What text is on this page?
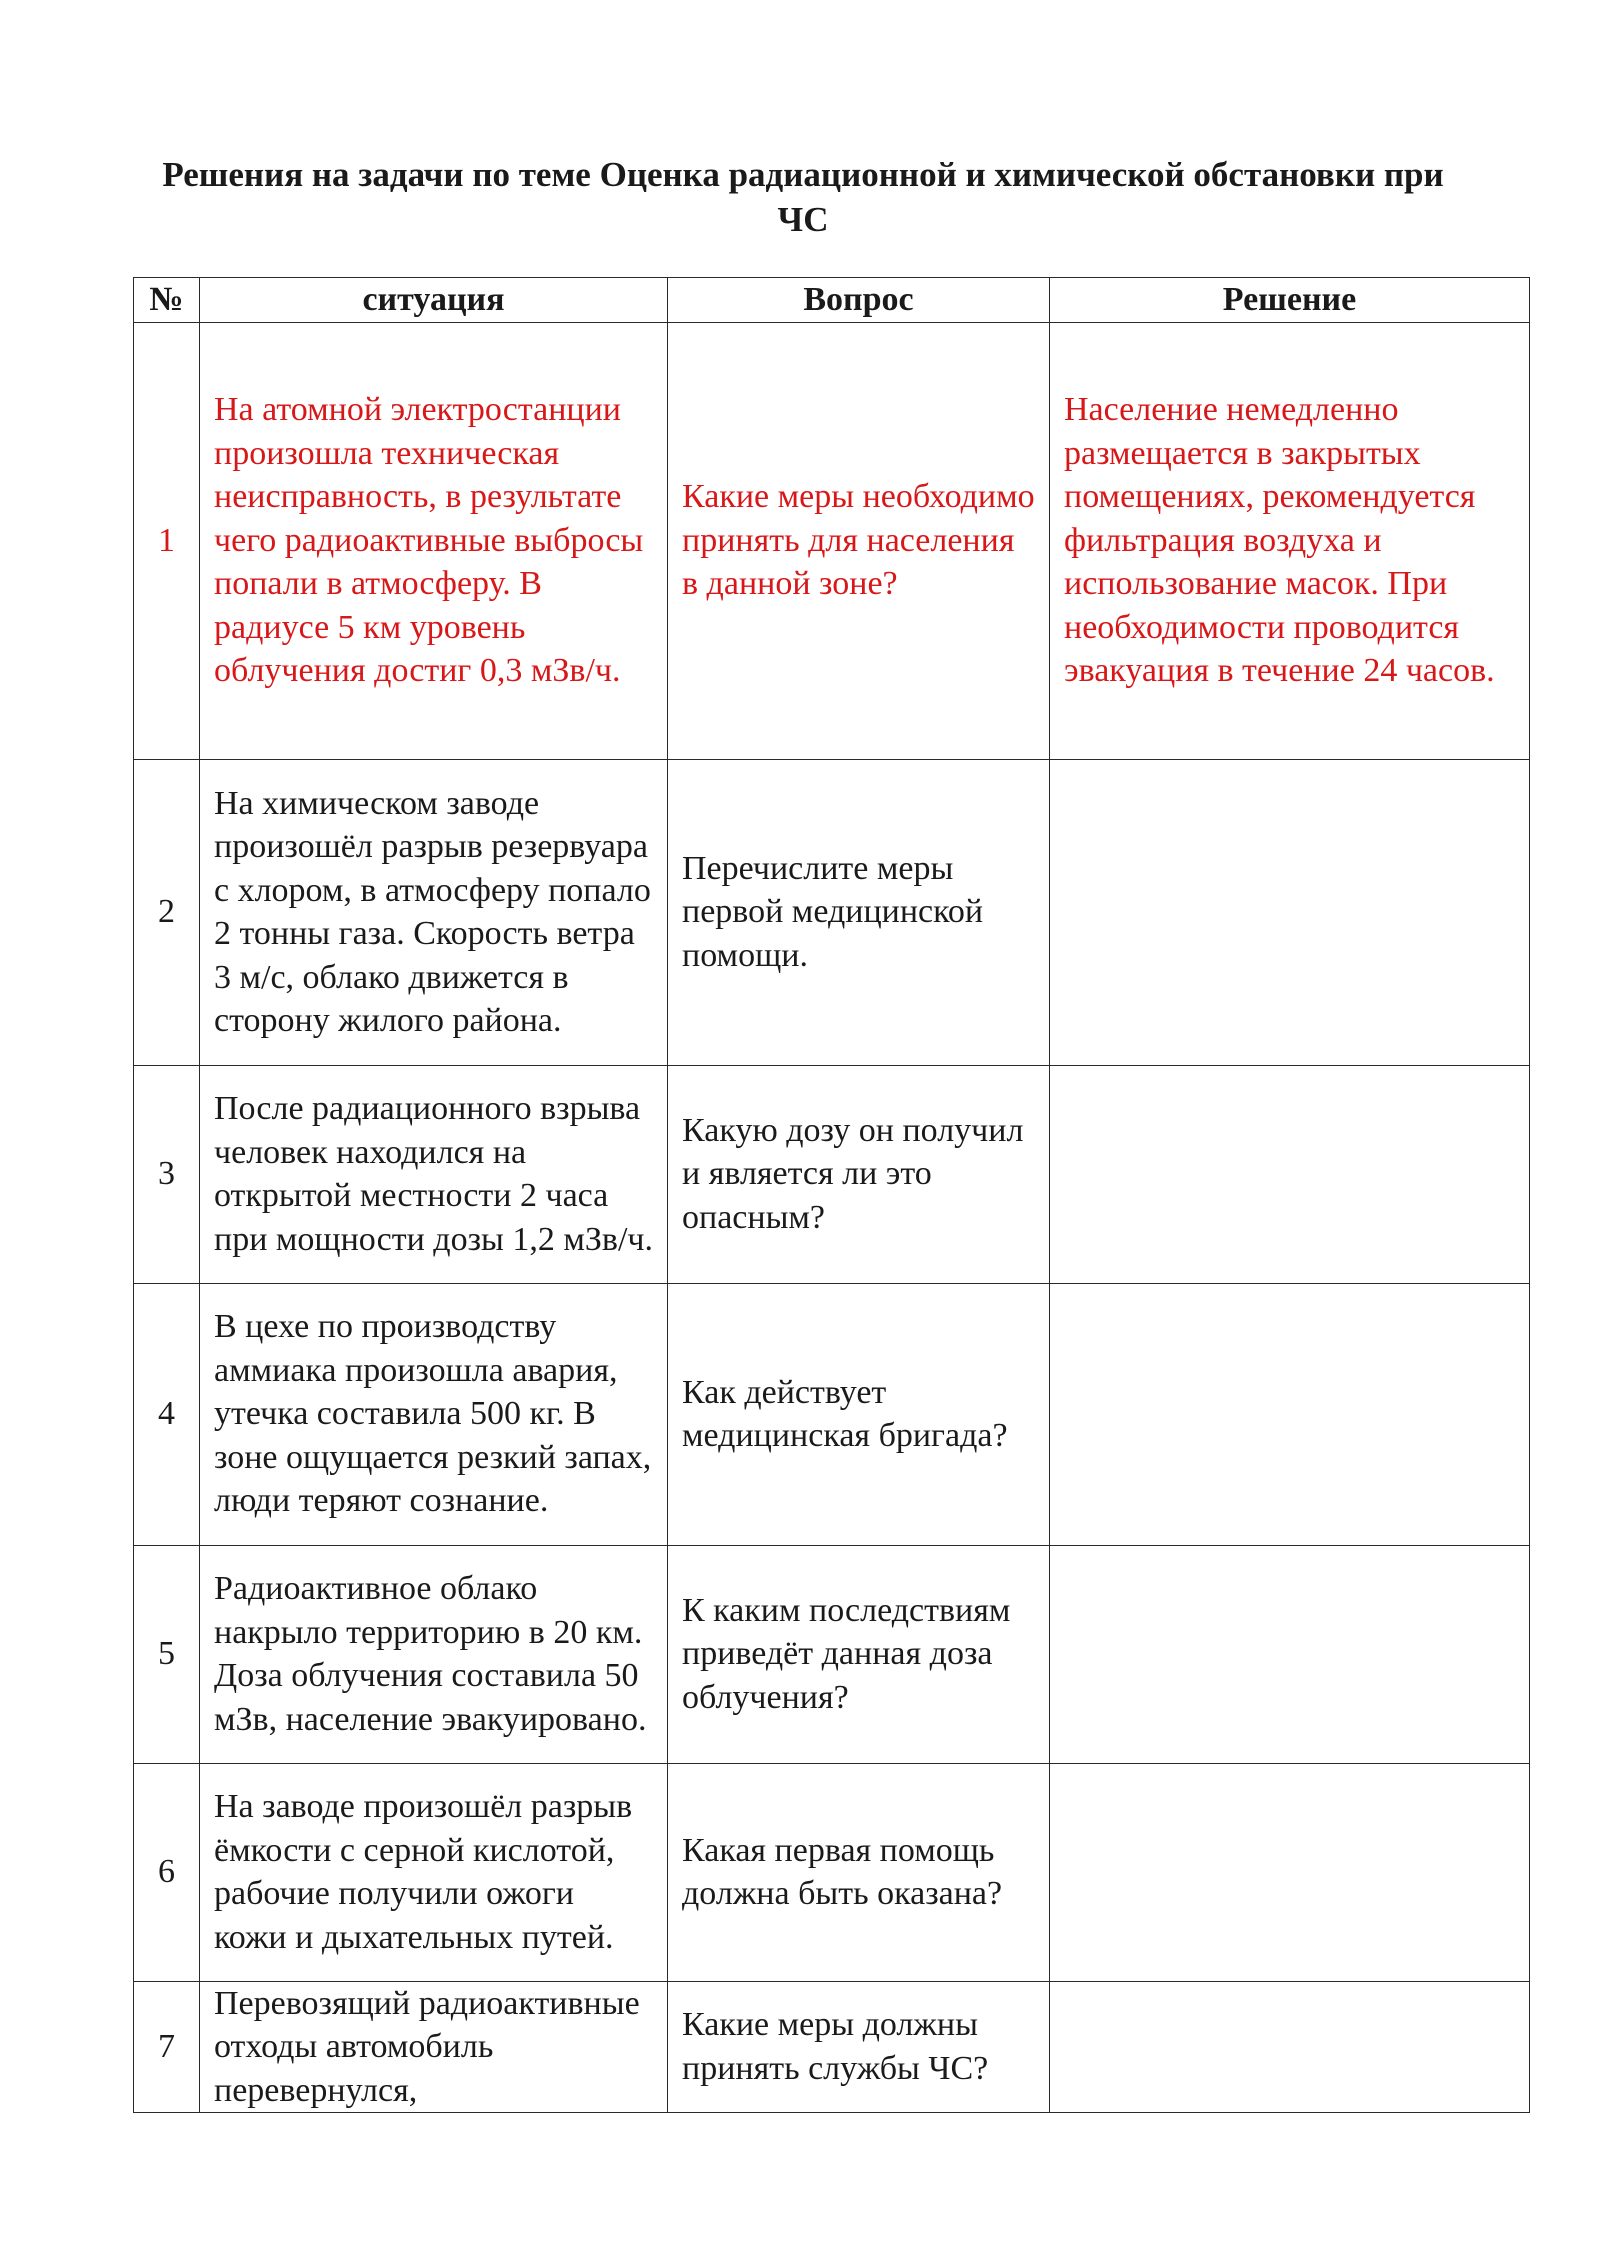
Решения на задачи по теме Оценка радиационной и химической обстановки при ЧС
№	ситуация	Вопрос	Решение
1	На атомной электростанции произошла техническая неисправность, в результате чего радиоактивные выбросы попали в атмосферу. В радиусе 5 км уровень облучения достиг 0,3 мЗв/ч.	Какие меры необходимо принять для населения в данной зоне?	Население немедленно размещается в закрытых помещениях, рекомендуется фильтрация воздуха и использование масок. При необходимости проводится эвакуация в течение 24 часов.
2	На химическом заводе произошёл разрыв резервуара с хлором, в атмосферу попало 2 тонны газа. Скорость ветра 3 м/с, облако движется в сторону жилого района.	Перечислите меры первой медицинской помощи.	
3	После радиационного взрыва человек находился на открытой местности 2 часа при мощности дозы 1,2 мЗв/ч.	Какую дозу он получил и является ли это опасным?	
4	В цехе по производству аммиака произошла авария, утечка составила 500 кг. В зоне ощущается резкий запах, люди теряют сознание.	Как действует медицинская бригада?	
5	Радиоактивное облако накрыло территорию в 20 км. Доза облучения составила 50 мЗв, население эвакуировано.	К каким последствиям приведёт данная доза облучения?	
6	На заводе произошёл разрыв ёмкости с серной кислотой, рабочие получили ожоги кожи и дыхательных путей.	Какая первая помощь должна быть оказана?	
7	Перевозящий радиоактивные отходы автомобиль перевернулся,	Какие меры должны принять службы ЧС?	
